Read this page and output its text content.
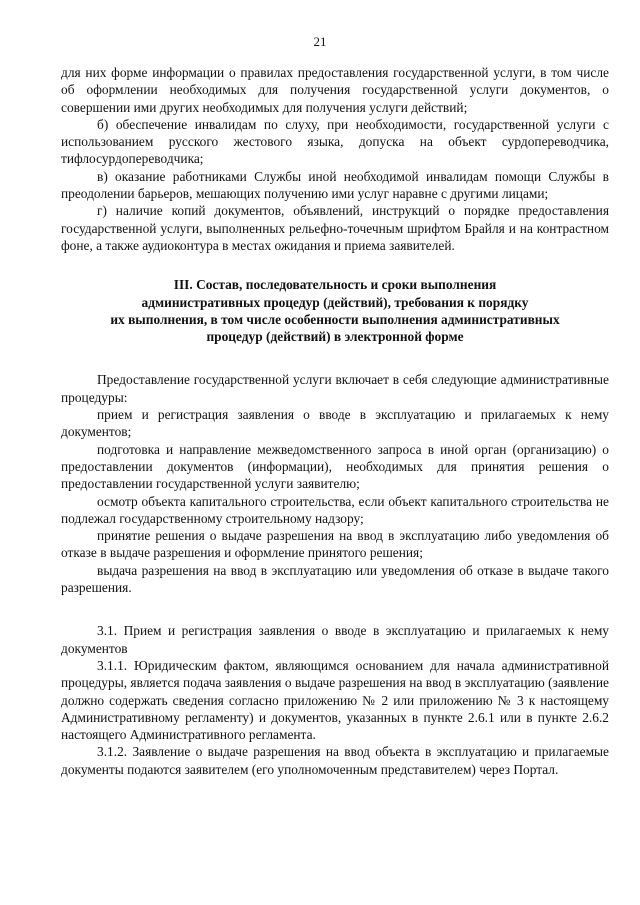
21

для них форме информации о правилах предоставления государственной услуги, в том числе об оформлении необходимых для получения государственной услуги документов, о совершении ими других необходимых для получения услуги действий;

б) обеспечение инвалидам по слуху, при необходимости, государственной услуги с использованием русского жестового языка, допуска на объект сурдопереводчика, тифлосурдопереводчика;

в) оказание работниками Службы иной необходимой инвалидам помощи Службы в преодолении барьеров, мешающих получению ими услуг наравне с другими лицами;

г) наличие копий документов, объявлений, инструкций о порядке предоставления государственной услуги, выполненных рельефно-точечным шрифтом Брайля и на контрастном фоне, а также аудиоконтура в местах ожидания и приема заявителей.

III. Состав, последовательность и сроки выполнения

административных процедур (действий), требования к порядку

их выполнения, в том числе особенности выполнения административных

процедур (действий) в электронной форме

Предоставление государственной услуги включает в себя следующие административные процедуры:

прием и регистрация заявления о вводе в эксплуатацию и прилагаемых к нему документов;

подготовка и направление межведомственного запроса в иной орган (организацию) о предоставлении документов (информации), необходимых для принятия решения о предоставлении государственной услуги заявителю;

осмотр объекта капитального строительства, если объект капитального строительства не подлежал государственному строительному надзору;

принятие решения о выдаче разрешения на ввод в эксплуатацию либо уведомления об отказе в выдаче разрешения и оформление принятого решения;

выдача разрешения на ввод в эксплуатацию или уведомления об отказе в выдаче такого разрешения.

3.1. Прием и регистрация заявления о вводе в эксплуатацию и прилагаемых к нему документов

3.1.1. Юридическим фактом, являющимся основанием для начала административной процедуры, является подача заявления о выдаче разрешения на ввод в эксплуатацию (заявление должно содержать сведения согласно приложению № 2 или приложению № 3 к настоящему Административному регламенту) и документов, указанных в пункте 2.6.1 или в пункте 2.6.2 настоящего Административного регламента.

3.1.2. Заявление о выдаче разрешения на ввод объекта в эксплуатацию и прилагаемые документы подаются заявителем (его уполномоченным представителем) через Портал.
